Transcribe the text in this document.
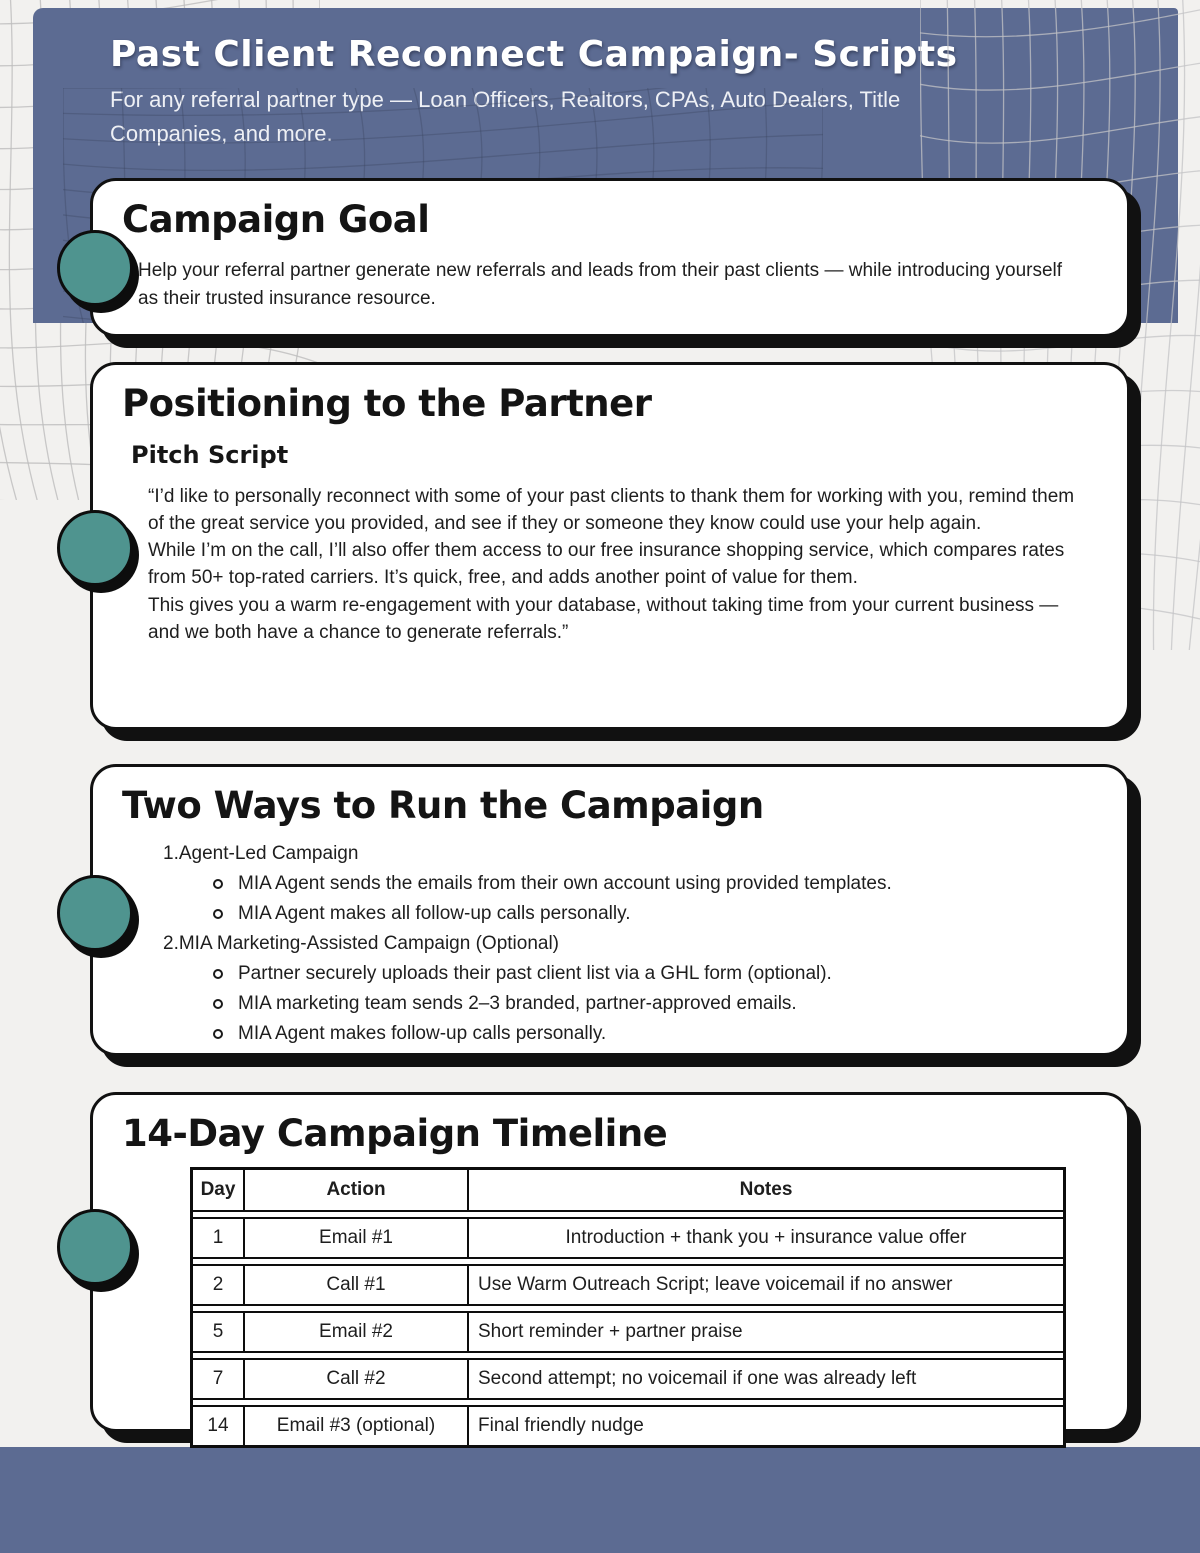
Past Client Reconnect Campaign- Scripts
For any referral partner type — Loan Officers, Realtors, CPAs, Auto Dealers, Title Companies, and more.
Campaign Goal
Help your referral partner generate new referrals and leads from their past clients — while introducing yourself as their trusted insurance resource.
Positioning to the Partner
Pitch Script

“I’d like to personally reconnect with some of your past clients to thank them for working with you, remind them of the great service you provided, and see if they or someone they know could use your help again.

While I’m on the call, I’ll also offer them access to our free insurance shopping service, which compares rates from 50+ top-rated carriers. It’s quick, free, and adds another point of value for them.

This gives you a warm re-engagement with your database, without taking time from your current business — and we both have a chance to generate referrals.”

Two Ways to Run the Campaign
1. Agent-Led Campaign
MIA Agent sends the emails from their own account using provided templates.
MIA Agent makes all follow-up calls personally.
2. MIA Marketing-Assisted Campaign (Optional)
Partner securely uploads their past client list via a GHL form (optional).
MIA marketing team sends 2–3 branded, partner-approved emails.
MIA Agent makes follow-up calls personally.
14-Day Campaign Timeline
Day	Action	Notes
1	Email #1	Introduction + thank you + insurance value offer
2	Call #1	Use Warm Outreach Script; leave voicemail if no answer
5	Email #2	Short reminder + partner praise
7	Call #2	Second attempt; no voicemail if one was already left
14	Email #3 (optional)	Final friendly nudge
